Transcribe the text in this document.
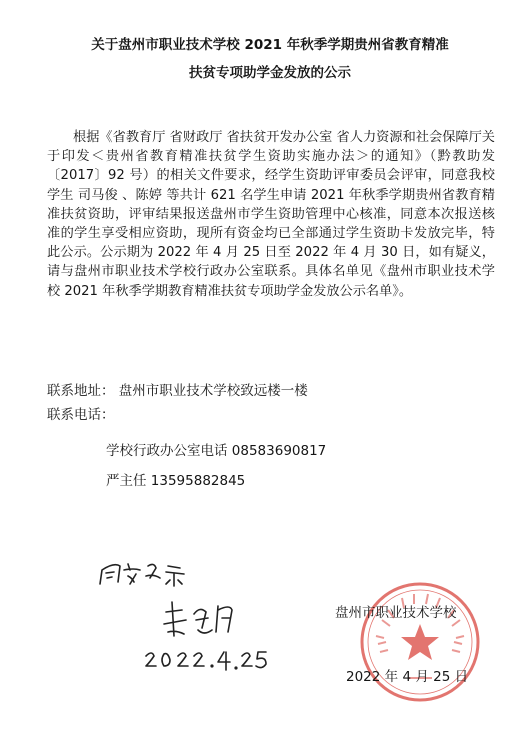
关于盘州市职业技术学校 2021 年秋季学期贵州省教育精准
扶贫专项助学金发放的公示

根据《省教育厅 省财政厅 省扶贫开发办公室 省人力资源和社会保障厅关于印发＜贵州省教育精准扶贫学生资助实施办法＞的通知》（黔教助发〔2017〕92 号）的相关文件要求，经学生资助评审委员会评审，同意我校学生 司马俊 、陈婷 等共计 621 名学生申请 2021 年秋季学期贵州省教育精准扶贫资助，评审结果报送盘州市学生资助管理中心核准，同意本次报送核准的学生享受相应资助，现所有资金均已全部通过学生资助卡发放完毕，特此公示。公示期为 2022 年 4 月 25 日至 2022 年 4 月 30 日，如有疑义，请与盘州市职业技术学校行政办公室联系。具体名单见《盘州市职业技术学校 2021 年秋季学期教育精准扶贫专项助学金发放公示名单》。

联系地址： 盘州市职业技术学校致远楼一楼
联系电话：
学校行政办公室电话 08583690817
严主任 13595882845
盘州市职业技术学校
2022 年 4 月 25 日
